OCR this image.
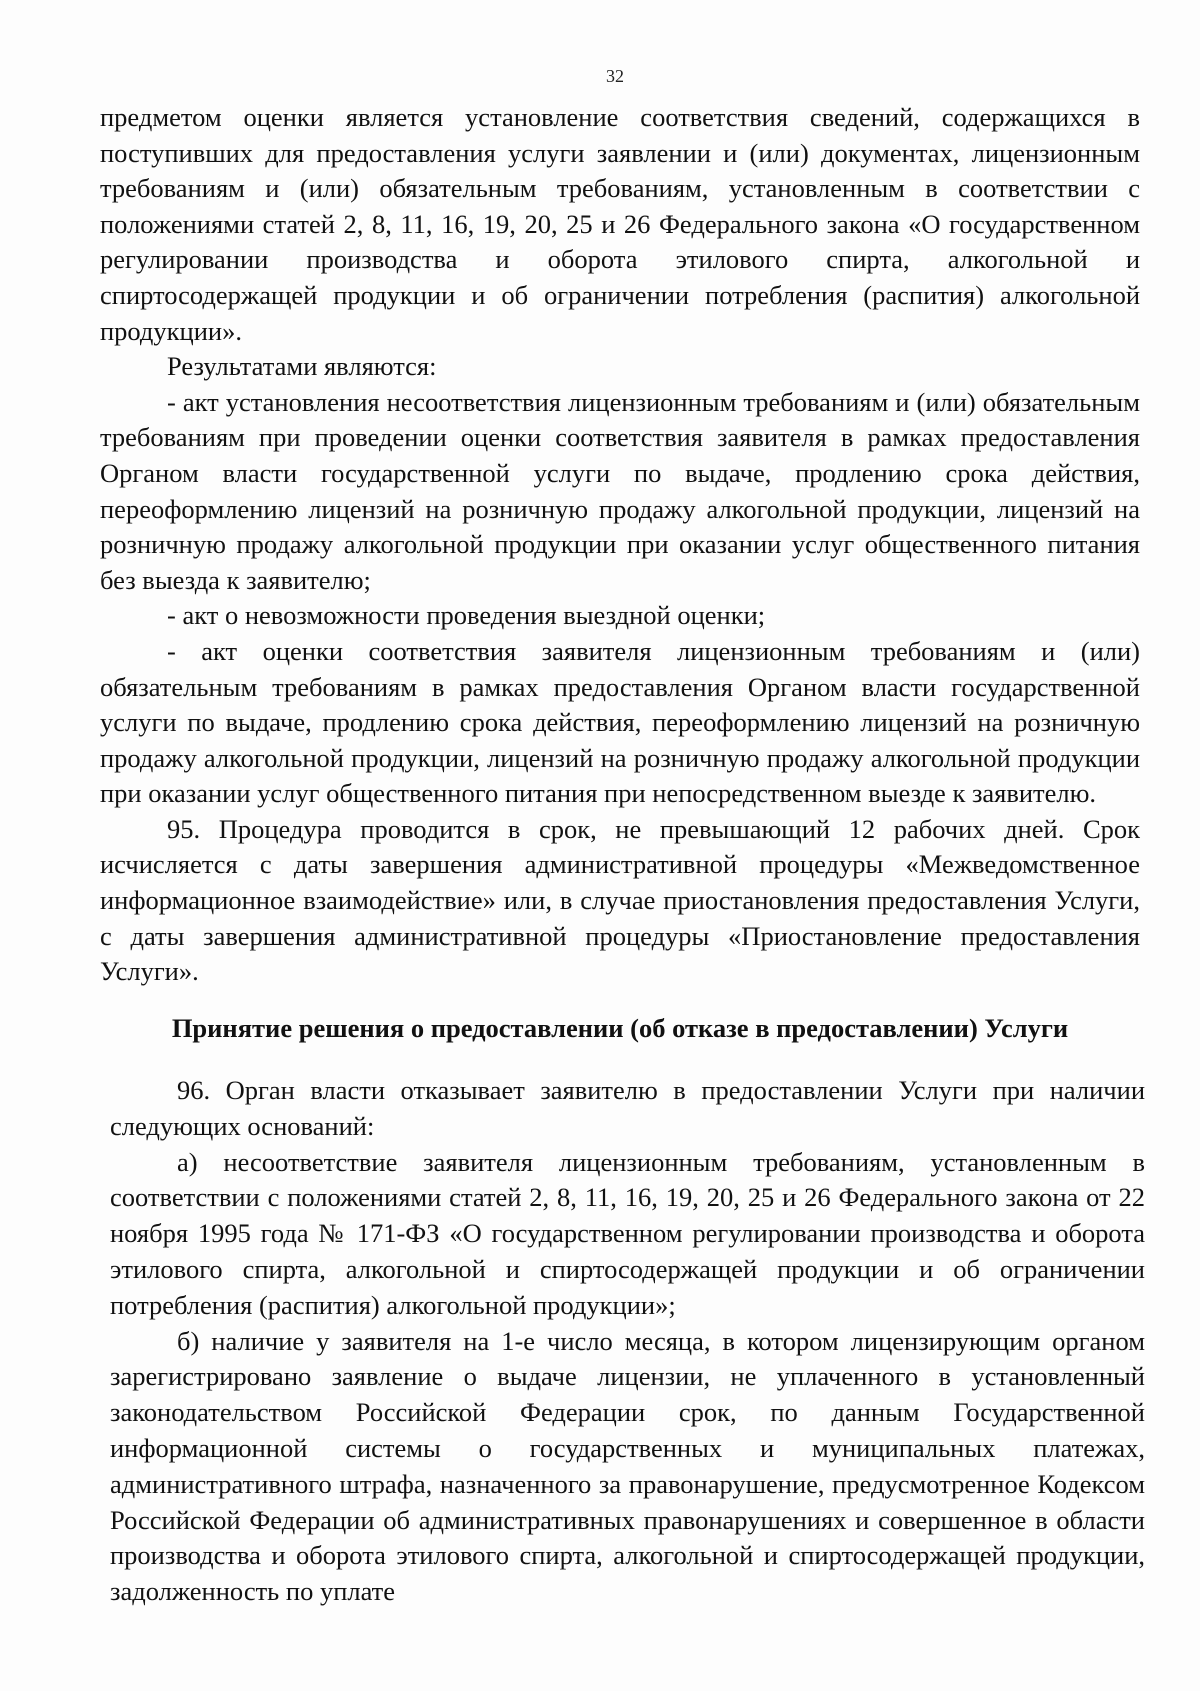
32

предметом оценки является установление соответствия сведений, содержащихся в поступивших для предоставления услуги заявлении и (или) документах, лицензионным требованиям и (или) обязательным требованиям, установленным в соответствии с положениями статей 2, 8, 11, 16, 19, 20, 25 и 26 Федерального закона «О государственном регулировании производства и оборота этилового спирта, алкогольной и спиртосодержащей продукции и об ограничении потребления (распития) алкогольной продукции».

Результатами являются:

- акт установления несоответствия лицензионным требованиям и (или) обязательным требованиям при проведении оценки соответствия заявителя в рамках предоставления Органом власти государственной услуги по выдаче, продлению срока действия, переоформлению лицензий на розничную продажу алкогольной продукции, лицензий на розничную продажу алкогольной продукции при оказании услуг общественного питания без выезда к заявителю;

- акт о невозможности проведения выездной оценки;

- акт оценки соответствия заявителя лицензионным требованиям и (или) обязательным требованиям в рамках предоставления Органом власти государственной услуги по выдаче, продлению срока действия, переоформлению лицензий на розничную продажу алкогольной продукции, лицензий на розничную продажу алкогольной продукции при оказании услуг общественного питания при непосредственном выезде к заявителю.

95. Процедура проводится в срок, не превышающий 12 рабочих дней. Срок исчисляется с даты завершения административной процедуры «Межведомственное информационное взаимодействие» или, в случае приостановления предоставления Услуги, с даты завершения административной процедуры «Приостановление предоставления Услуги».

Принятие решения о предоставлении (об отказе в предоставлении) Услуги

96. Орган власти отказывает заявителю в предоставлении Услуги при наличии следующих оснований:

а) несоответствие заявителя лицензионным требованиям, установленным в соответствии с положениями статей 2, 8, 11, 16, 19, 20, 25 и 26 Федерального закона от 22 ноября 1995 года № 171-ФЗ «О государственном регулировании производства и оборота этилового спирта, алкогольной и спиртосодержащей продукции и об ограничении потребления (распития) алкогольной продукции»;

б) наличие у заявителя на 1-е число месяца, в котором лицензирующим органом зарегистрировано заявление о выдаче лицензии, не уплаченного в установленный законодательством Российской Федерации срок, по данным Государственной информационной системы о государственных и муниципальных платежах, административного штрафа, назначенного за правонарушение, предусмотренное Кодексом Российской Федерации об административных правонарушениях и совершенное в области производства и оборота этилового спирта, алкогольной и спиртосодержащей продукции, задолженность по уплате
